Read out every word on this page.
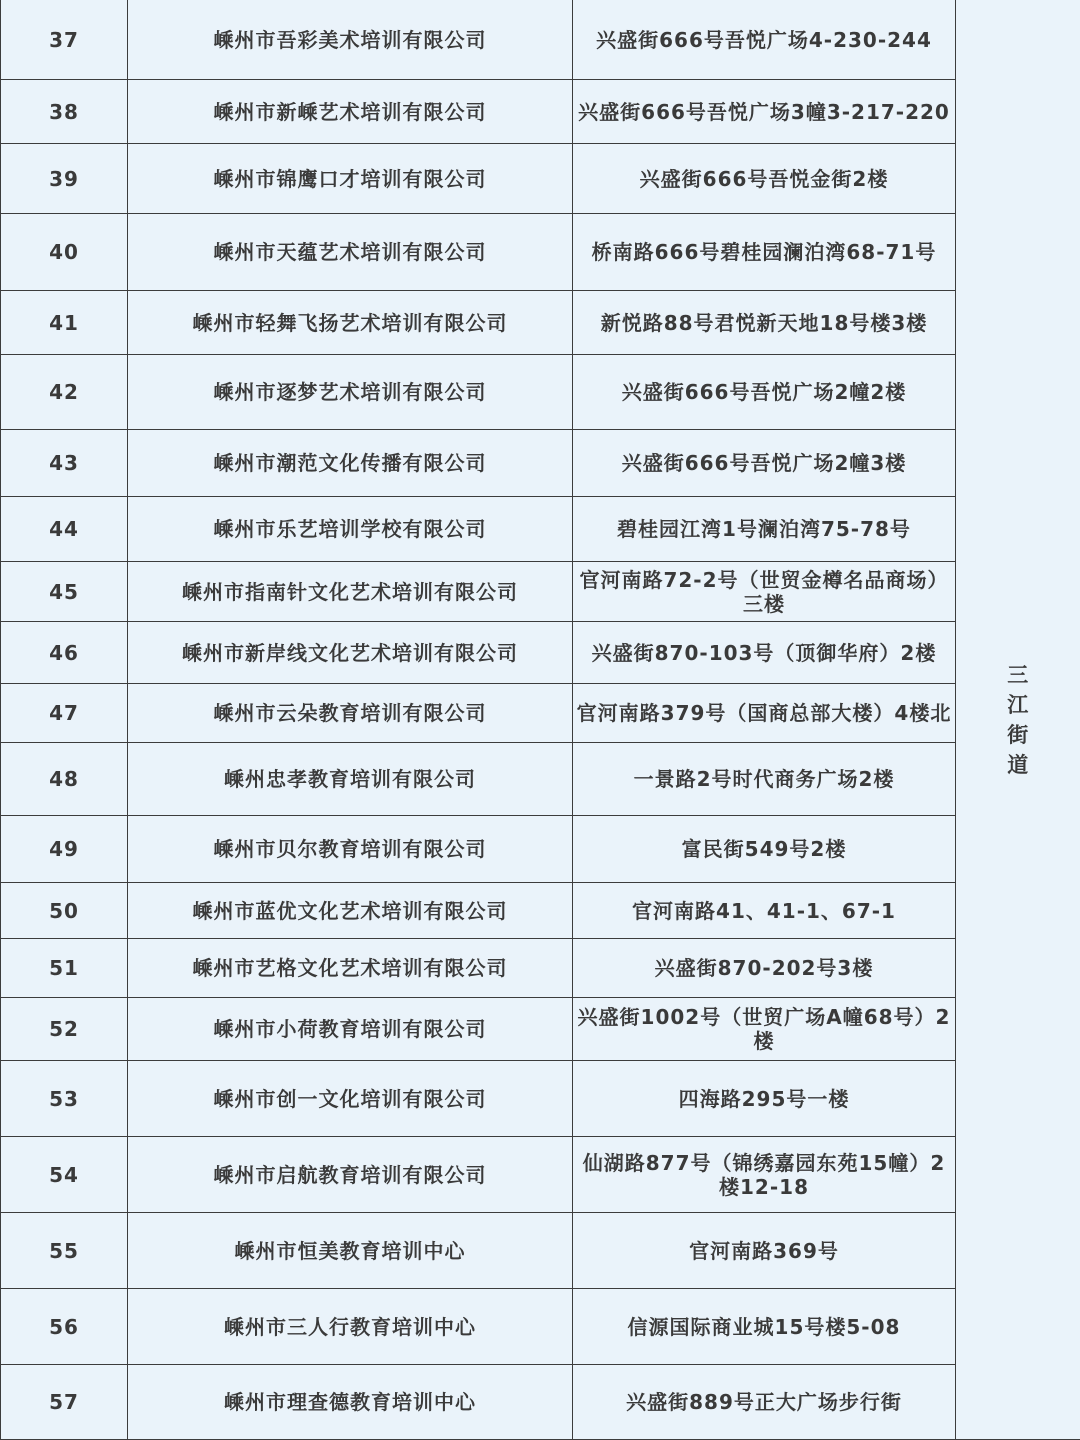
37	嵊州市吾彩美术培训有限公司	兴盛街666号吾悦广场4-230-244	三江街道
38	嵊州市新嵊艺术培训有限公司	兴盛街666号吾悦广场3幢3-217-220	
39	嵊州市锦鹰口才培训有限公司	兴盛街666号吾悦金街2楼	
40	嵊州市天蕴艺术培训有限公司	桥南路666号碧桂园澜泊湾68-71号	
41	嵊州市轻舞飞扬艺术培训有限公司	新悦路88号君悦新天地18号楼3楼	
42	嵊州市逐梦艺术培训有限公司	兴盛街666号吾悦广场2幢2楼	
43	嵊州市潮范文化传播有限公司	兴盛街666号吾悦广场2幢3楼	
44	嵊州市乐艺培训学校有限公司	碧桂园江湾1号澜泊湾75-78号	
45	嵊州市指南针文化艺术培训有限公司	官河南路72-2号（世贸金樽名品商场）三楼	
46	嵊州市新岸线文化艺术培训有限公司	兴盛街870-103号（顶御华府）2楼	
47	嵊州市云朵教育培训有限公司	官河南路379号（国商总部大楼）4楼北	
48	嵊州忠孝教育培训有限公司	一景路2号时代商务广场2楼	
49	嵊州市贝尔教育培训有限公司	富民街549号2楼	
50	嵊州市蓝优文化艺术培训有限公司	官河南路41、41-1、67-1	
51	嵊州市艺格文化艺术培训有限公司	兴盛街870-202号3楼	
52	嵊州市小荷教育培训有限公司	兴盛街1002号（世贸广场A幢68号）2楼	
53	嵊州市创一文化培训有限公司	四海路295号一楼	
54	嵊州市启航教育培训有限公司	仙湖路877号（锦绣嘉园东苑15幢）2楼12-18	
55	嵊州市恒美教育培训中心	官河南路369号	
56	嵊州市三人行教育培训中心	信源国际商业城15号楼5-08	
57	嵊州市理查德教育培训中心	兴盛街889号正大广场步行街	
